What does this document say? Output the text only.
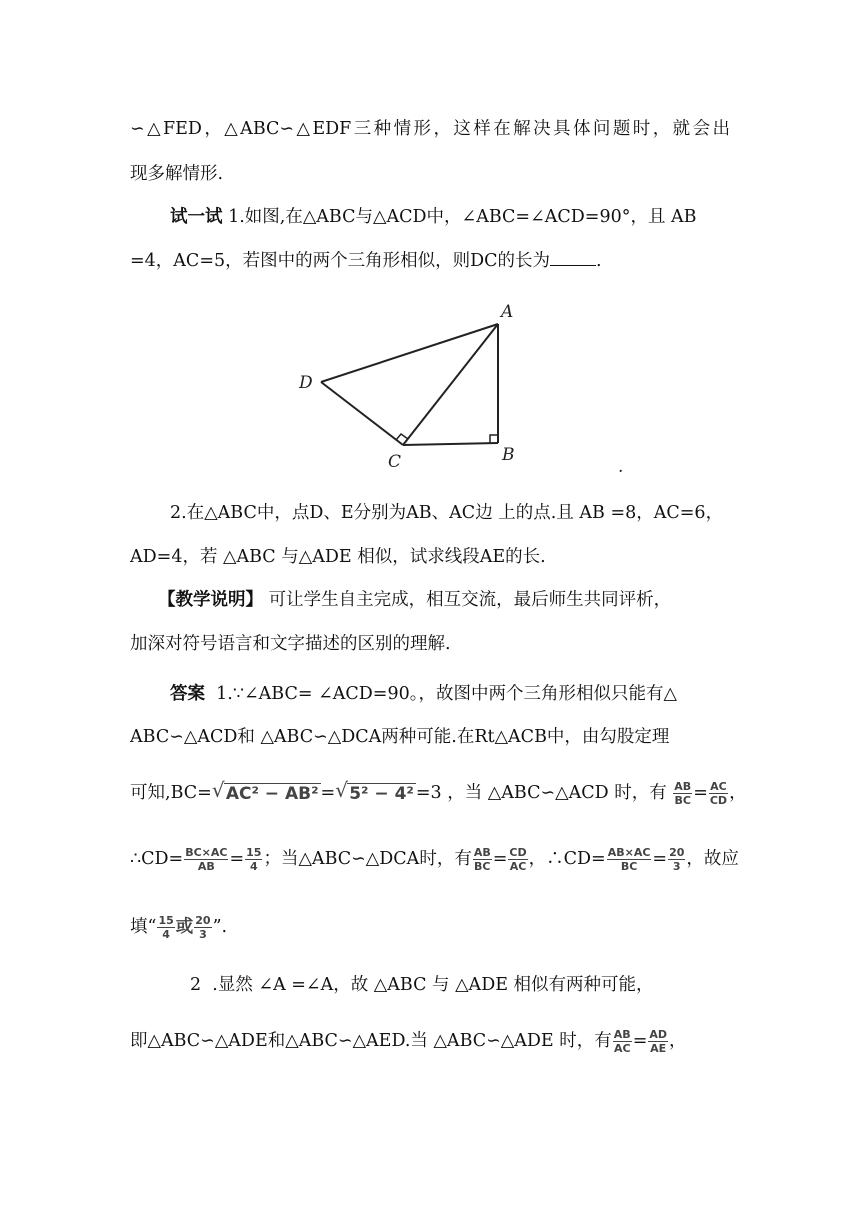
∽△FED，△ABC∽△EDF三种情形，这样在解决具体问题时，就会出
现多解情形.
试一试 1.如图,在△ABC与△ACD中，∠ABC=∠ACD=90°，且 AB
=4，AC=5，若图中的两个三角形相似，则DC的长为	.
A
B
C
D
.
2.在△ABC中，点D、E分别为AB、AC边 上的点.且 AB =8，AC=6，
AD=4，若 △ABC 与△ADE 相似，试求线段AE的长.
【教学说明】 可让学生自主完成，相互交流，最后师生共同评析，
加深对符号语言和文字描述的区别的理解.
答案 1.∵∠ABC= ∠ACD=90。，故图中两个三角形相似只能有△
ABC∽△ACD和 △ABC∽△DCA两种可能.在Rt△ACB中，由勾股定理
可知,BC= √ AC² − AB² = √ 5² − 4² =3 ，当 △ABC∽△ACD 时，有 $\frac{AB}{BC} = \frac{AC}{CD}$ ，
∴CD= $\frac{BC\times AC}{AB} = \frac{15}{4}$ ；当△ABC∽△DCA时，有 $\frac{AB}{BC} = \frac{CD}{AC}$ ，∴CD= $\frac{AB\times AC}{BC} = \frac{20}{3}$ ，故应
填“ $\frac{15}{4}$ 或 $\frac{20}{3}$ ”.
2 .显然 ∠A =∠A，故 △ABC 与 △ADE 相似有两种可能，
即△ABC∽△ADE和△ABC∽△AED.当 △ABC∽△ADE 时，有 $\frac{AB}{AC} = \frac{AD}{AE}$ ，
